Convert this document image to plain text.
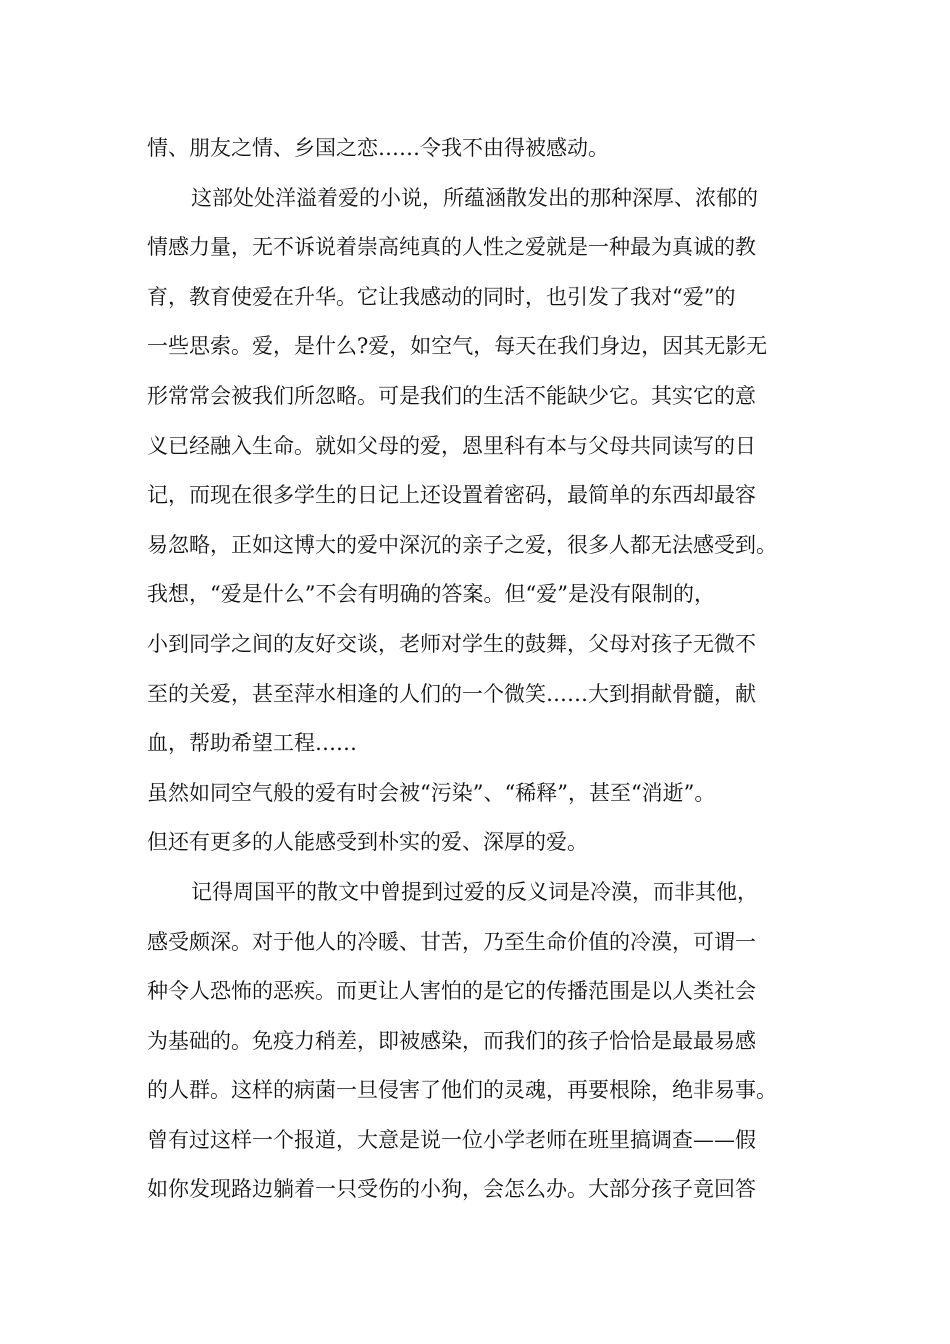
情、朋友之情、乡国之恋……令我不由得被感动。
这部处处洋溢着爱的小说，所蕴涵散发出的那种深厚、浓郁的
情感力量，无不诉说着崇高纯真的人性之爱就是一种最为真诚的教
育，教育使爱在升华。它让我感动的同时，也引发了我对“爱”的
一些思索。爱，是什么?爱，如空气，每天在我们身边，因其无影无
形常常会被我们所忽略。可是我们的生活不能缺少它。其实它的意
义已经融入生命。就如父母的爱，恩里科有本与父母共同读写的日
记，而现在很多学生的日记上还设置着密码，最简单的东西却最容
易忽略，正如这博大的爱中深沉的亲子之爱，很多人都无法感受到。
我想，“爱是什么”不会有明确的答案。但“爱”是没有限制的，
小到同学之间的友好交谈，老师对学生的鼓舞，父母对孩子无微不
至的关爱，甚至萍水相逢的人们的一个微笑……大到捐献骨髓，献
血，帮助希望工程……
虽然如同空气般的爱有时会被“污染”、“稀释”，甚至“消逝”。
但还有更多的人能感受到朴实的爱、深厚的爱。
记得周国平的散文中曾提到过爱的反义词是冷漠，而非其他，
感受颇深。对于他人的冷暖、甘苦，乃至生命价值的冷漠，可谓一
种令人恐怖的恶疾。而更让人害怕的是它的传播范围是以人类社会
为基础的。免疫力稍差，即被感染，而我们的孩子恰恰是最最易感
的人群。这样的病菌一旦侵害了他们的灵魂，再要根除，绝非易事。
曾有过这样一个报道，大意是说一位小学老师在班里搞调查——假
如你发现路边躺着一只受伤的小狗，会怎么办。大部分孩子竟回答
